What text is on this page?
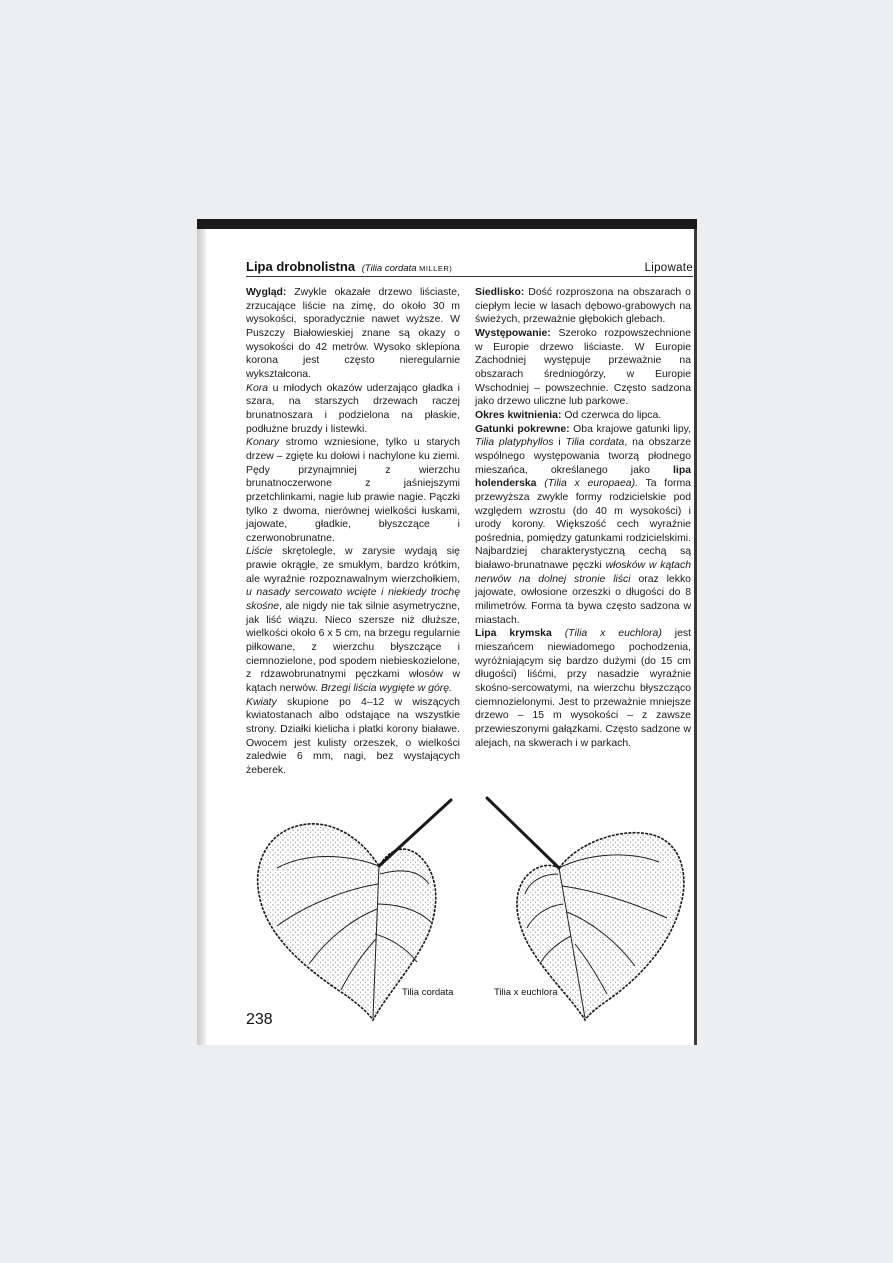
Lipa drobnolistna (Tilia cordata MILLER)	Lipowate

Wygląd: Zwykle okazałe drzewo liściaste, zrzucające liście na zimę, do około 30 m wysokości, sporadycznie nawet wyższe. W Puszczy Białowieskiej znane są okazy o wysokości do 42 metrów. Wysoko sklepiona korona jest często nieregularnie wykształcona.

Kora u młodych okazów uderzająco gładka i szara, na starszych drzewach raczej brunatnoszara i podzielona na płaskie, podłużne bruzdy i listewki.

Konary stromo wzniesione, tylko u starych drzew – zgięte ku dołowi i nachylone ku ziemi. Pędy przynajmniej z wierzchu brunatnoczerwone z jaśniejszymi przetchlinkami, nagie lub prawie nagie. Pączki tylko z dwoma, nierównej wielkości łuskami, jajowate, gładkie, błyszczące i czerwonobrunatne.

Liście skrętolegle, w zarysie wydają się prawie okrągłe, ze smukłym, bardzo krótkim, ale wyraźnie rozpoznawalnym wierzchołkiem, u nasady sercowato wcięte i niekiedy trochę skośne, ale nigdy nie tak silnie asymetryczne, jak liść wiązu. Nieco szersze niż dłuższe, wielkości około 6 x 5 cm, na brzegu regularnie piłkowane, z wierzchu błyszczące i ciemnozielone, pod spodem niebieskozielone, z rdzawobrunatnymi pęczkami włosów w kątach nerwów. Brzegi liścia wygięte w górę.

Kwiaty skupione po 4–12 w wiszących kwiatostanach albo odstające na wszystkie strony. Działki kielicha i płatki korony białawe. Owocem jest kulisty orzeszek, o wielkości zaledwie 6 mm, nagi, bez wystających żeberek.

Siedlisko: Dość rozproszona na obszarach o ciepłym lecie w lasach dębowo-grabowych na świeżych, przeważnie głębokich glebach.

Występowanie: Szeroko rozpowszechnione w Europie drzewo liściaste. W Europie Zachodniej występuje przeważnie na obszarach średniogórzy, w Europie Wschodniej – powszechnie. Często sadzona jako drzewo uliczne lub parkowe.

Okres kwitnienia: Od czerwca do lipca.

Gatunki pokrewne: Oba krajowe gatunki lipy, Tilia platyphyllos i Tilia cordata, na obszarze wspólnego występowania tworzą płodnego mieszańca, określanego jako lipa holenderska (Tilia x europaea). Ta forma przewyższa zwykle formy rodzicielskie pod względem wzrostu (do 40 m wysokości) i urody korony. Większość cech wyraźnie pośrednia, pomiędzy gatunkami rodzicielskimi. Najbardziej charakterystyczną cechą są białawo-brunatnawe pęczki włosków w kątach nerwów na dolnej stronie liści oraz lekko jajowate, owłosione orzeszki o długości do 8 milimetrów. Forma ta bywa często sadzona w miastach.

Lipa krymska (Tilia x euchlora) jest mieszańcem niewiadomego pochodzenia, wyróżniającym się bardzo dużymi (do 15 cm długości) liśćmi, przy nasadzie wyraźnie skośno-sercowatymi, na wierzchu błyszcząco ciemnozielonymi. Jest to przeważnie mniejsze drzewo – 15 m wysokości – z zawsze przewieszonymi gałązkami. Często sadzone w alejach, na skwerach i w parkach.

Tilia cordata	Tilia x euchlora
238
